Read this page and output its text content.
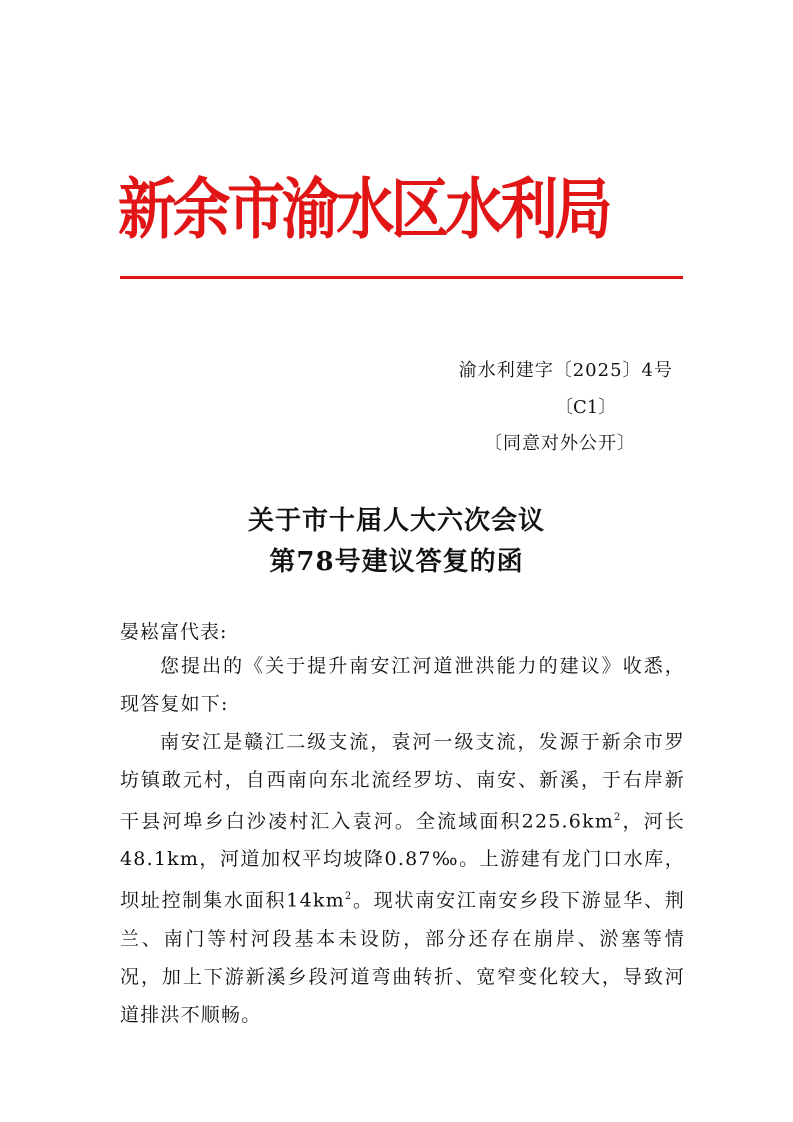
新余市渝水区水利局
渝水利建字〔2025〕4号
〔C1〕
〔同意对外公开〕
关于市十届人大六次会议
第78号建议答复的函
晏崧富代表:

您提出的《关于提升南安江河道泄洪能力的建议》收悉，现答复如下:

南安江是赣江二级支流，袁河一级支流，发源于新余市罗坊镇敢元村，自西南向东北流经罗坊、南安、新溪，于右岸新干县河埠乡白沙凌村汇入袁河。全流域面积$225.6km^2$，河长48.1km，河道加权平均坡降0.87‰。上游建有龙门口水库，坝址控制集水面积$14km^2$。现状南安江南安乡段下游显华、荆兰、南门等村河段基本未设防，部分还存在崩岸、淤塞等情况，加上下游新溪乡段河道弯曲转折、宽窄变化较大，导致河道排洪不顺畅。
